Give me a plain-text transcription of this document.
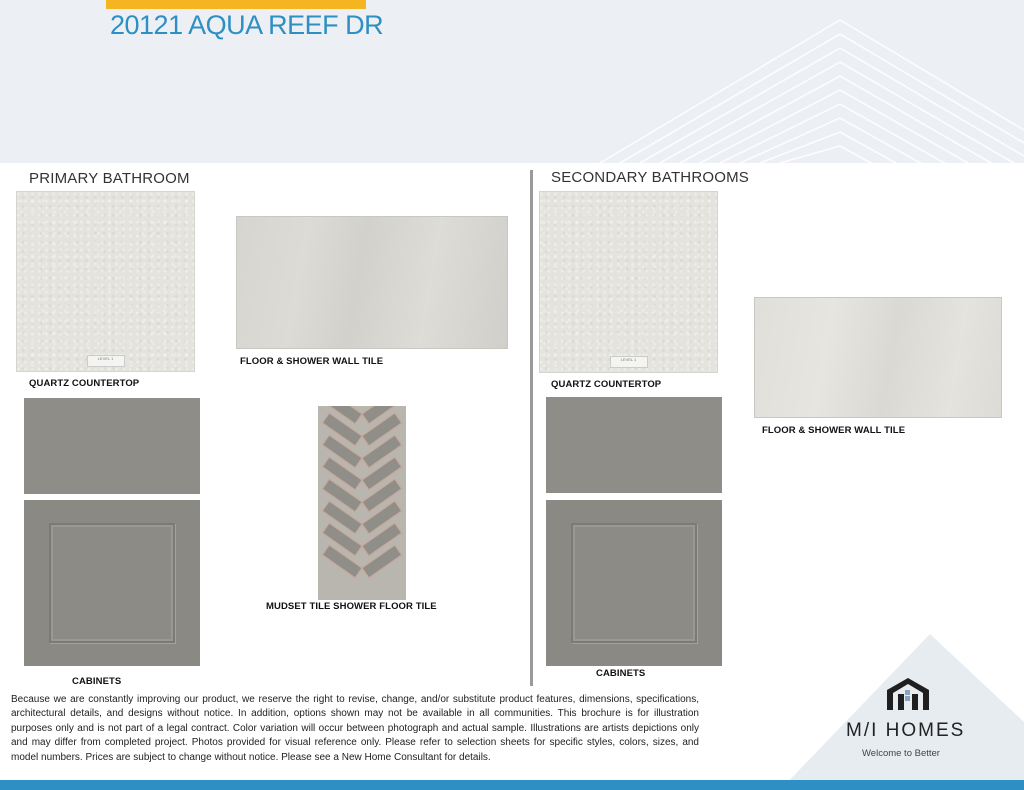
20121 AQUA REEF DR
PRIMARY BATHROOM
LEVEL 1
QUARTZ COUNTERTOP
FLOOR & SHOWER WALL TILE
CABINETS
MUDSET TILE SHOWER FLOOR TILE
SECONDARY BATHROOMS
LEVEL 1
QUARTZ COUNTERTOP
FLOOR & SHOWER WALL TILE
CABINETS
Because we are constantly improving our product, we reserve the right to revise, change, and/or substitute product features, dimensions, specifications, architectural details, and designs without notice. In addition, options shown may not be available in all communities. This brochure is for illustration purposes only and is not part of a legal contract. Color variation will occur between photograph and actual sample. Illustrations are artists depictions only and may differ from completed project. Photos provided for visual reference only. Please refer to selection sheets for specific styles, colors, sizes, and model numbers. Prices are subject to change without notice. Please see a New Home Consultant for details.
M/I HOMES
Welcome to Better
